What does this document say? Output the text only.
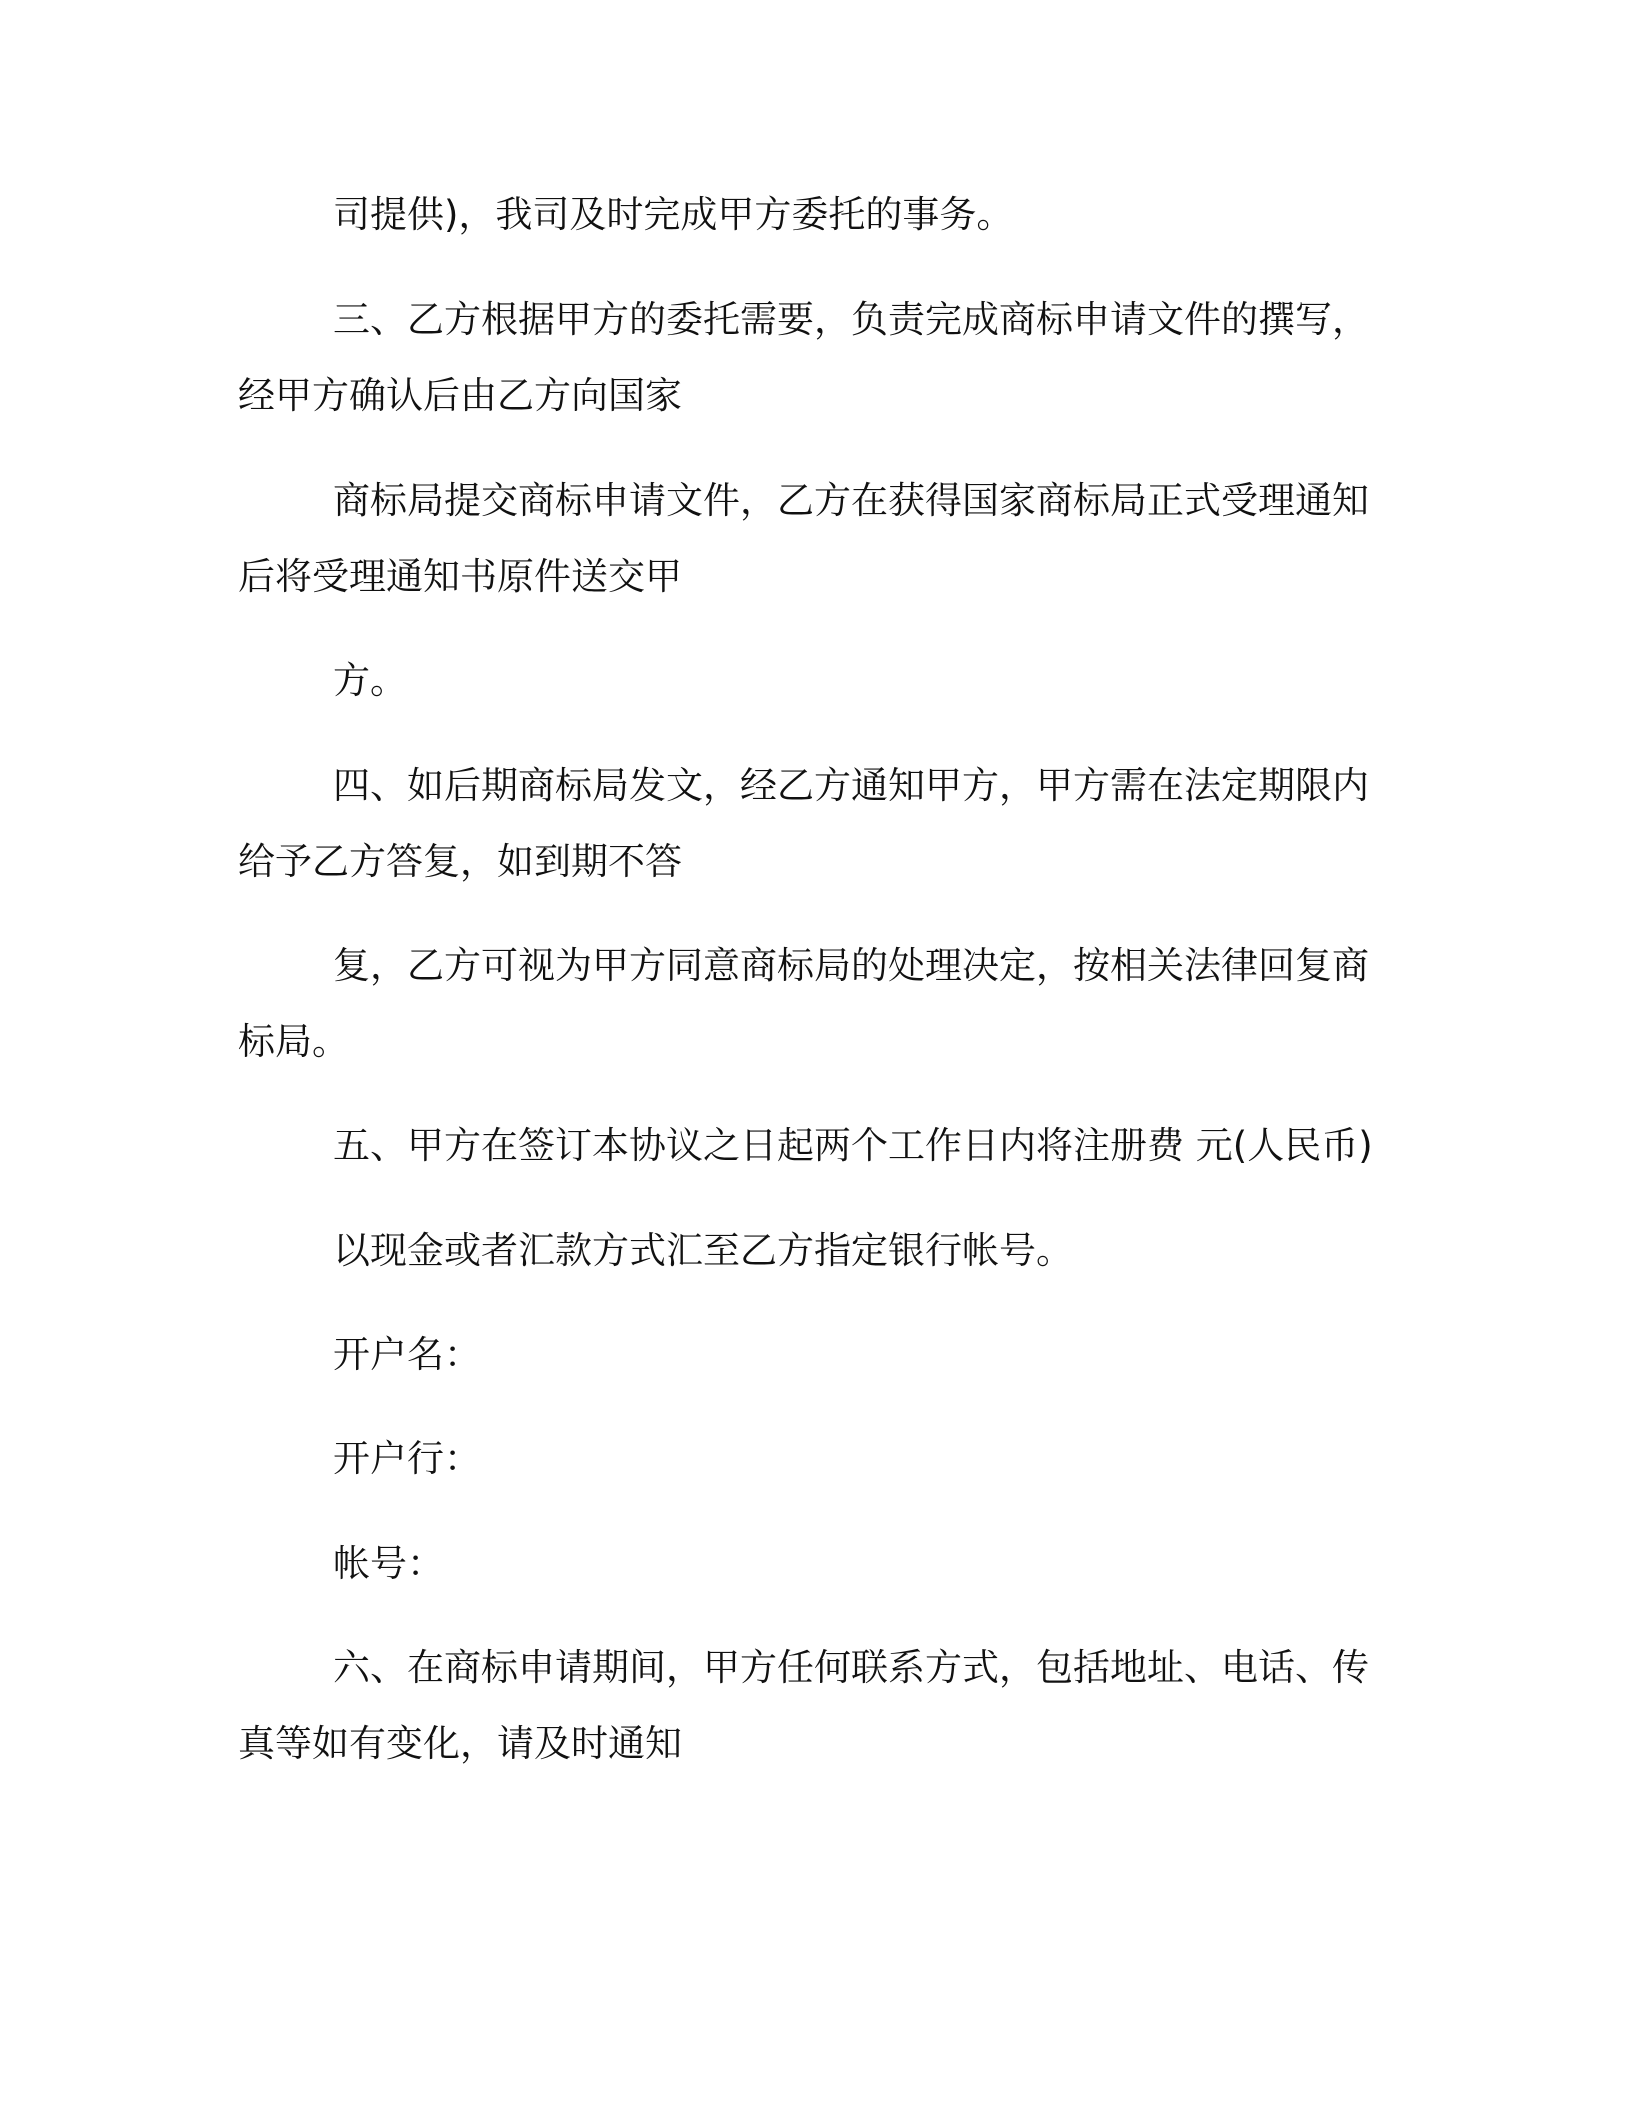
司提供)，我司及时完成甲方委托的事务。

三、乙方根据甲方的委托需要，负责完成商标申请文件的撰写，

经甲方确认后由乙方向国家

商标局提交商标申请文件，乙方在获得国家商标局正式受理通知

后将受理通知书原件送交甲

方。

四、如后期商标局发文，经乙方通知甲方，甲方需在法定期限内

给予乙方答复，如到期不答

复，乙方可视为甲方同意商标局的处理决定，按相关法律回复商

标局。

五、甲方在签订本协议之日起两个工作日内将注册费 元(人民币)

以现金或者汇款方式汇至乙方指定银行帐号。

开户名：

开户行：

帐号：

六、在商标申请期间，甲方任何联系方式，包括地址、电话、传

真等如有变化，请及时通知
